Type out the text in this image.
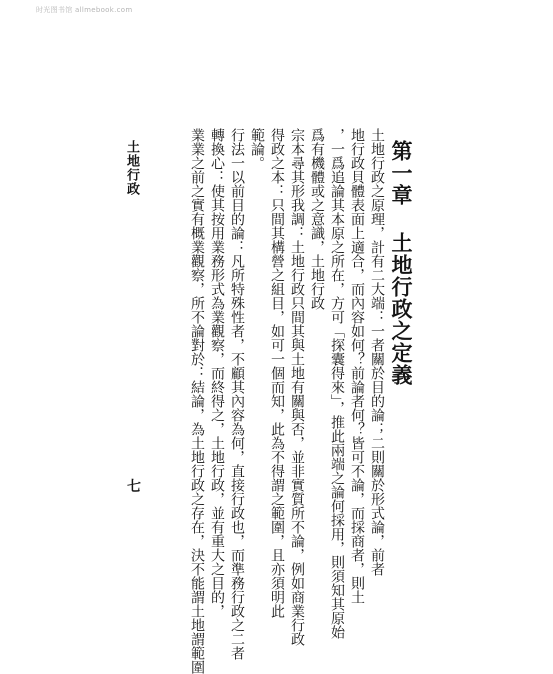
时光图书馆 allmebook.com
第一章 土地行政之定義
土地行政之原理，計有二大端：一者關於目的論；二則關於形式論，前者
地行政貝體表面上適合，而內容如何？前論者何？皆可不論，而採商者，則土
，一爲追論其本原之所在，方可「探囊得來」，推此兩端之論何採用，則須知其原始
爲有機體或之意識，土地行政
宗本尋其形我調：土地行政只間其與土地有關與否，並非實質所不論，例如商業行政
得政之本：只間其構營之組目，如可一個而知，此為不得謂之範圍，且亦須明此
範論。
行法一以前目的論：凡所特殊性者，不顧其內容為何，直接行政也，而準務行政之二者
轉換心：使其按用業務形式為業觀察，而終得之，土地行政，並有重大之目的，
業業之前之實有概業觀察，所不論對於：結論，為土地行政之存在，決不能謂土地謂範圍
土地行政
七
